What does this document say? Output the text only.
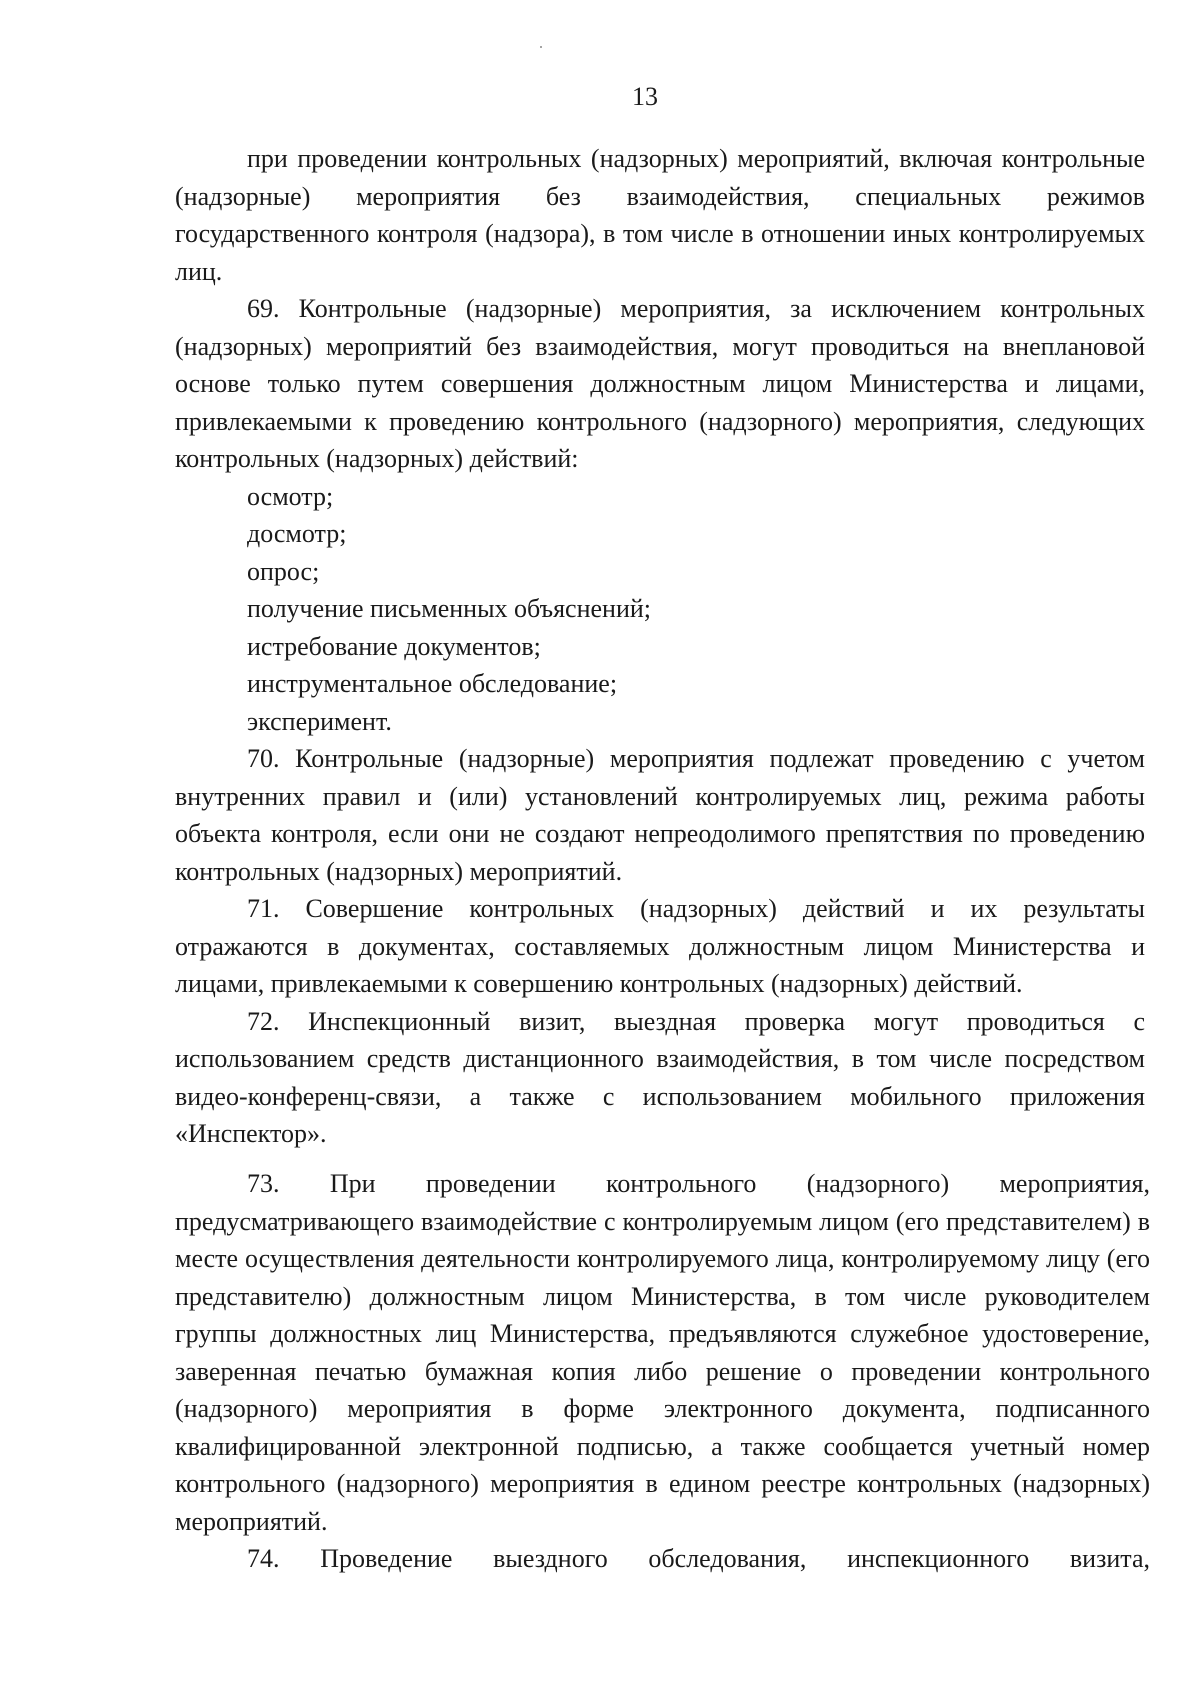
13

при проведении контрольных (надзорных) мероприятий, включая контрольные (надзорные) мероприятия без взаимодействия, специальных режимов государственного контроля (надзора), в том числе в отношении иных контролируемых лиц.

69. Контрольные (надзорные) мероприятия, за исключением контрольных (надзорных) мероприятий без взаимодействия, могут проводиться на внеплановой основе только путем совершения должностным лицом Министерства и лицами, привлекаемыми к проведению контрольного (надзорного) мероприятия, следующих контрольных (надзорных) действий:

осмотр;

досмотр;

опрос;

получение письменных объяснений;

истребование документов;

инструментальное обследование;

эксперимент.

70. Контрольные (надзорные) мероприятия подлежат проведению с учетом внутренних правил и (или) установлений контролируемых лиц, режима работы объекта контроля, если они не создают непреодолимого препятствия по проведению контрольных (надзорных) мероприятий.

71. Совершение контрольных (надзорных) действий и их результаты отражаются в документах, составляемых должностным лицом Министерства и лицами, привлекаемыми к совершению контрольных (надзорных) действий.

72. Инспекционный визит, выездная проверка могут проводиться с использованием средств дистанционного взаимодействия, в том числе посредством видео-конференц-связи, а также с использованием мобильного приложения «Инспектор».

73. При проведении контрольного (надзорного) мероприятия, предусматривающего взаимодействие с контролируемым лицом (его представителем) в месте осуществления деятельности контролируемого лица, контролируемому лицу (его представителю) должностным лицом Министерства, в том числе руководителем группы должностных лиц Министерства, предъявляются служебное удостоверение, заверенная печатью бумажная копия либо решение о проведении контрольного (надзорного) мероприятия в форме электронного документа, подписанного квалифицированной электронной подписью, а также сообщается учетный номер контрольного (надзорного) мероприятия в едином реестре контрольных (надзорных) мероприятий.

74. Проведение выездного обследования, инспекционного визита,
